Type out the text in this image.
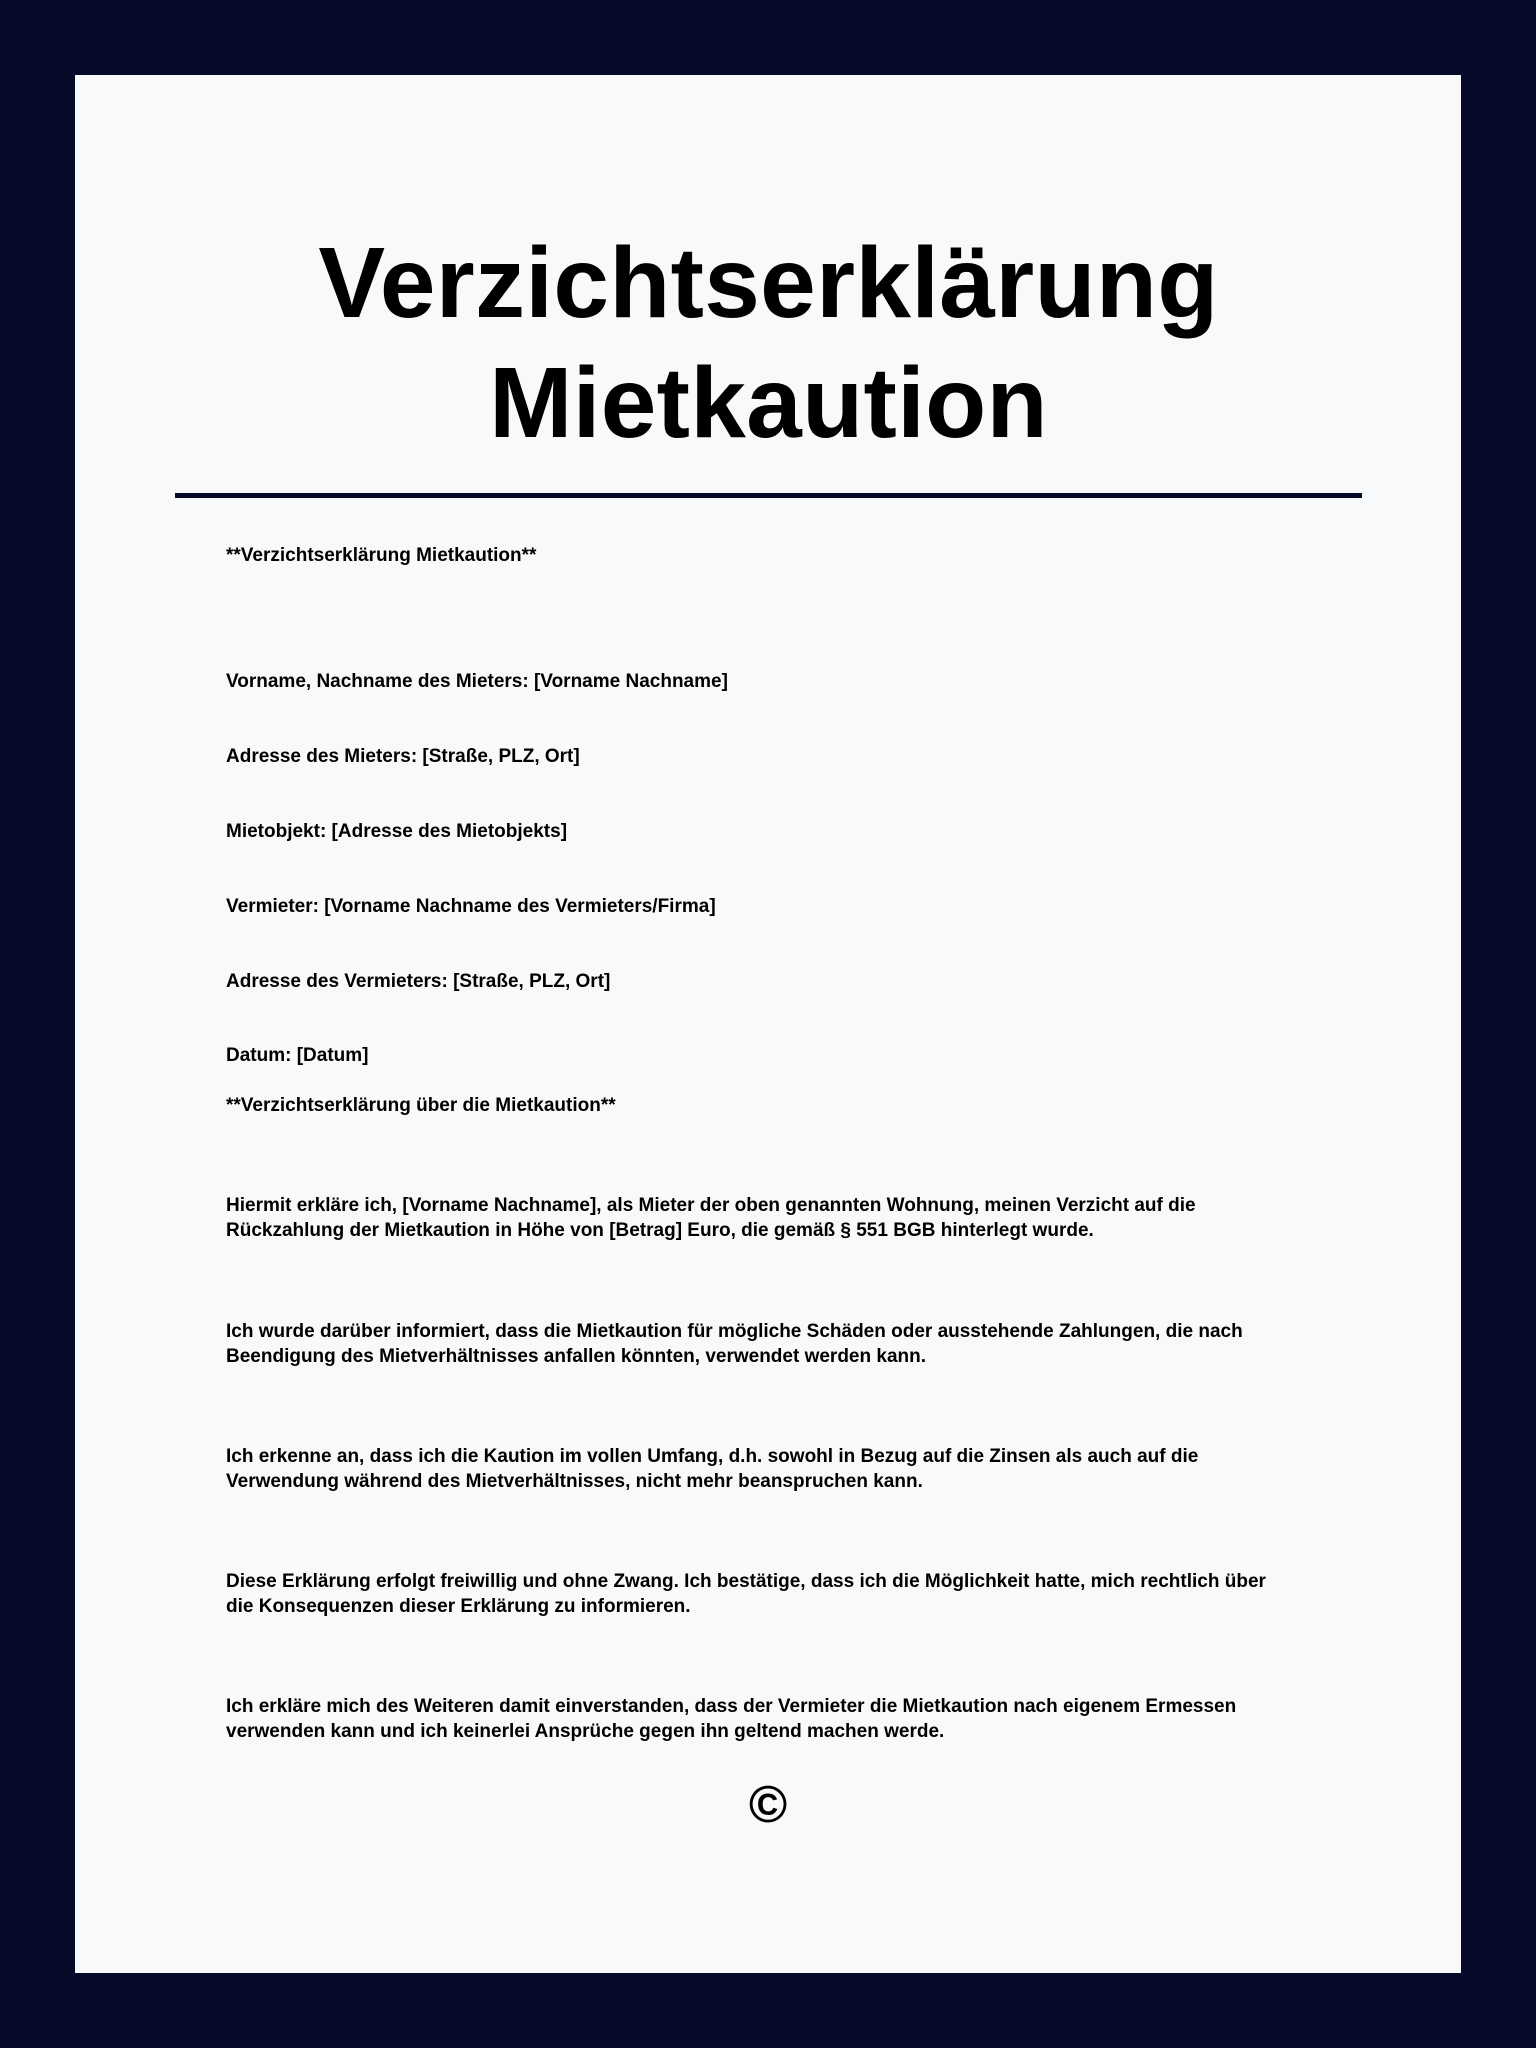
Verzichtserklärung
Mietkaution

**Verzichtserklärung Mietkaution**

Vorname, Nachname des Mieters: [Vorname Nachname]

Adresse des Mieters: [Straße, PLZ, Ort]

Mietobjekt: [Adresse des Mietobjekts]

Vermieter: [Vorname Nachname des Vermieters/Firma]

Adresse des Vermieters: [Straße, PLZ, Ort]

Datum: [Datum]

**Verzichtserklärung über die Mietkaution**

Hiermit erkläre ich, [Vorname Nachname], als Mieter der oben genannten Wohnung, meinen Verzicht auf die
Rückzahlung der Mietkaution in Höhe von [Betrag] Euro, die gemäß § 551 BGB hinterlegt wurde.

Ich wurde darüber informiert, dass die Mietkaution für mögliche Schäden oder ausstehende Zahlungen, die nach
Beendigung des Mietverhältnisses anfallen könnten, verwendet werden kann.

Ich erkenne an, dass ich die Kaution im vollen Umfang, d.h. sowohl in Bezug auf die Zinsen als auch auf die
Verwendung während des Mietverhältnisses, nicht mehr beanspruchen kann.

Diese Erklärung erfolgt freiwillig und ohne Zwang. Ich bestätige, dass ich die Möglichkeit hatte, mich rechtlich über
die Konsequenzen dieser Erklärung zu informieren.

Ich erkläre mich des Weiteren damit einverstanden, dass der Vermieter die Mietkaution nach eigenem Ermessen
verwenden kann und ich keinerlei Ansprüche gegen ihn geltend machen werde.

©
